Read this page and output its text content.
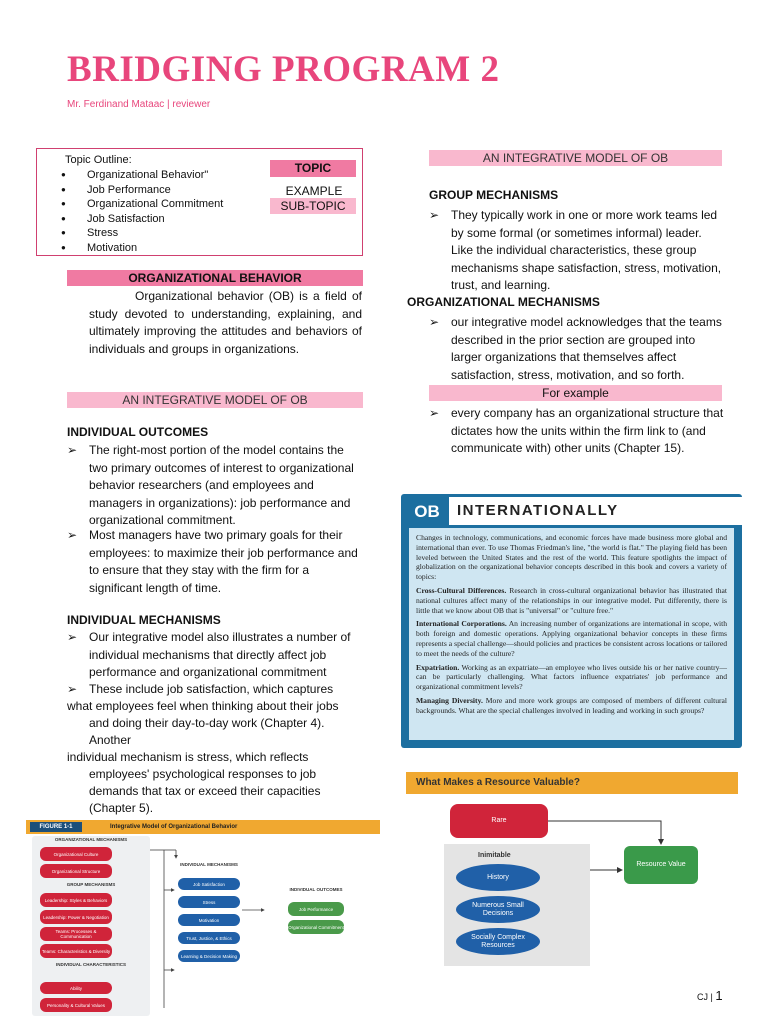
BRIDGING PROGRAM 2
Mr. Ferdinand Mataac | reviewer
Topic Outline:
● Organizational Behavior"
● Job Performance
● Organizational Commitment
● Job Satisfaction
● Stress
● Motivation
TOPIC
EXAMPLE
SUB-TOPIC
ORGANIZATIONAL BEHAVIOR
Organizational behavior (OB) is a field of study devoted to understanding, explaining, and ultimately improving the attitudes and behaviors of individuals and groups in organizations.
AN INTEGRATIVE MODEL OF OB
INDIVIDUAL OUTCOMES
➢ The right-most portion of the model contains the two primary outcomes of interest to organizational behavior researchers (and employees and managers in organizations): job performance and organizational commitment.
➢ Most managers have two primary goals for their employees: to maximize their job performance and to ensure that they stay with the firm for a significant length of time.
INDIVIDUAL MECHANISMS
➢ Our integrative model also illustrates a number of individual mechanisms that directly affect job performance and organizational commitment
➢ These include job satisfaction, which captures
what employees feel when thinking about their jobs
and doing their day-to-day work (Chapter 4).
Another
individual mechanism is stress, which reflects
employees' psychological responses to job
demands that tax or exceed their capacities
(Chapter 5).
AN INTEGRATIVE MODEL OF OB
GROUP MECHANISMS
➢ They typically work in one or more work teams led by some formal (or sometimes informal) leader. Like the individual characteristics, these group mechanisms shape satisfaction, stress, motivation, trust, and learning.
ORGANIZATIONAL MECHANISMS
➢ our integrative model acknowledges that the teams described in the prior section are grouped into larger organizations that themselves affect satisfaction, stress, motivation, and so forth.
For example
➢ every company has an organizational structure that dictates how the units within the firm link to (and communicate with) other units (Chapter 15).
OB	INTERNATIONALLY

Changes in technology, communications, and economic forces have made business more global and international than ever. To use Thomas Friedman's line, "the world is flat." The playing field has been leveled between the United States and the rest of the world. This feature spotlights the impact of globalization on the organizational behavior concepts described in this book and covers a variety of topics:

Cross-Cultural Differences. Research in cross-cultural organizational behavior has illustrated that national cultures affect many of the relationships in our integrative model. Put differently, there is little that we know about OB that is "universal" or "culture free."

International Corporations. An increasing number of organizations are international in scope, with both foreign and domestic operations. Applying organizational behavior concepts in these firms represents a special challenge—should policies and practices be consistent across locations or tailored to meet the needs of the culture?

Expatriation. Working as an expatriate—an employee who lives outside his or her native country—can be particularly challenging. What factors influence expatriates' job performance and organizational commitment levels?

Managing Diversity. More and more work groups are composed of members of different cultural backgrounds. What are the special challenges involved in leading and working in such groups?

What Makes a Resource Valuable?
Rare
Inimitable
History
Numerous Small Decisions
Socially Complex Resources
Resource Value
FIGURE 1-1	Integrative Model of Organizational Behavior
ORGANIZATIONAL MECHANISMS
Organizational Culture
Organizational Structure
GROUP MECHANISMS
Leadership: Styles & Behaviors
Leadership: Power & Negotiation
Teams: Processes & Communication
Teams: Characteristics & Diversity
INDIVIDUAL CHARACTERISTICS
Ability
Personality & Cultural Values
INDIVIDUAL MECHANISMS
Job Satisfaction
Stress
Motivation
Trust, Justice, & Ethics
Learning & Decision Making
INDIVIDUAL OUTCOMES
Job Performance
Organizational Commitment
CJ | 1
